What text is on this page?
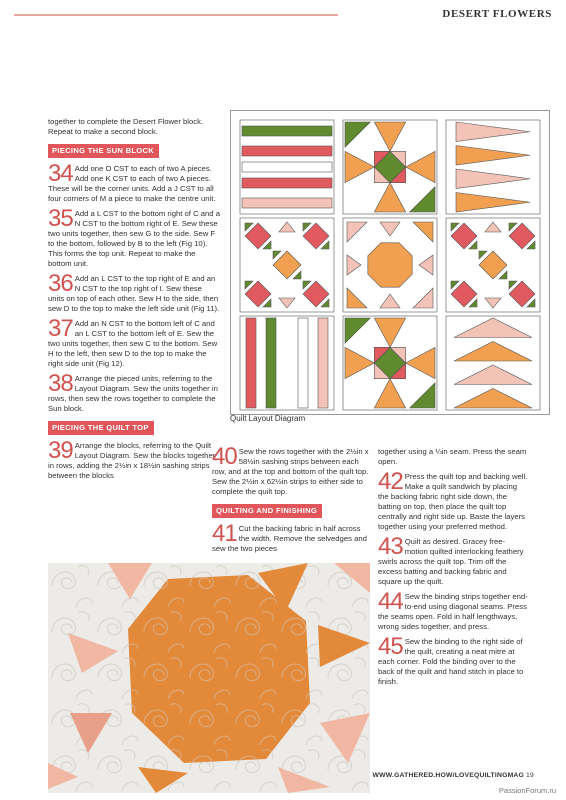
DESERT FLOWERS

together to complete the Desert Flower block. Repeat to make a second block.

PIECING THE SUN BLOCK
34 Add one O CST to each of two A pieces. Add one K CST to each of two A pieces. These will be the corner units. Add a J CST to all four corners of M a piece to make the centre unit.
35 Add a L CST to the bottom right of C and a N CST to the bottom right of E. Sew these two units together, then sew G to the side. Sew F to the bottom, followed by B to the left (Fig 10). This forms the top unit. Repeat to make the bottom unit.
36 Add an L CST to the top right of E and an N CST to the top right of I. Sew these units on top of each other. Sew H to the side, then sew D to the top to make the left side unit (Fig 11).
37 Add an N CST to the bottom left of C and an L CST to the bottom left of E. Sew the two units together, then sew C to the bottom. Sew H to the left, then sew D to the top to make the right side unit (Fig 12).
38 Arrange the pieced units, referring to the Layout Diagram. Sew the units together in rows, then sew the rows together to complete the Sun block.
PIECING THE QUILT TOP
39 Arrange the blocks, referring to the Quilt Layout Diagram. Sew the blocks together in rows, adding the 2½in x 18½in sashing strips between the blocks
40 Sew the rows together with the 2½in x 58½in sashing strips between each row, and at the top and bottom of the quilt top. Sew the 2½in x 62½in strips to either side to complete the quilt top.
QUILTING AND FINISHING
41 Cut the backing fabric in half across the width. Remove the selvedges and sew the two pieces

together using a ¼in seam. Press the seam open.

42 Press the quilt top and backing well. Make a quilt sandwich by placing the backing fabric right side down, the batting on top, then place the quilt top centrally and right side up. Baste the layers together using your preferred method.
43 Quilt as desired. Gracey free-motion quilted interlocking feathery swirls across the quilt top. Trim off the excess batting and backing fabric and square up the quilt.
44 Sew the binding strips together end-to-end using diagonal seams. Press the seams open. Fold in half lengthways, wrong sides together, and press.
45 Sew the binding to the right side of the quilt, creating a neat mitre at each corner. Fold the binding over to the back of the quilt and hand stitch in place to finish.
Quilt Layout Diagram
WWW.GATHERED.HOW/LOVEQUILTINGMAG 19
PassionForum.ru
